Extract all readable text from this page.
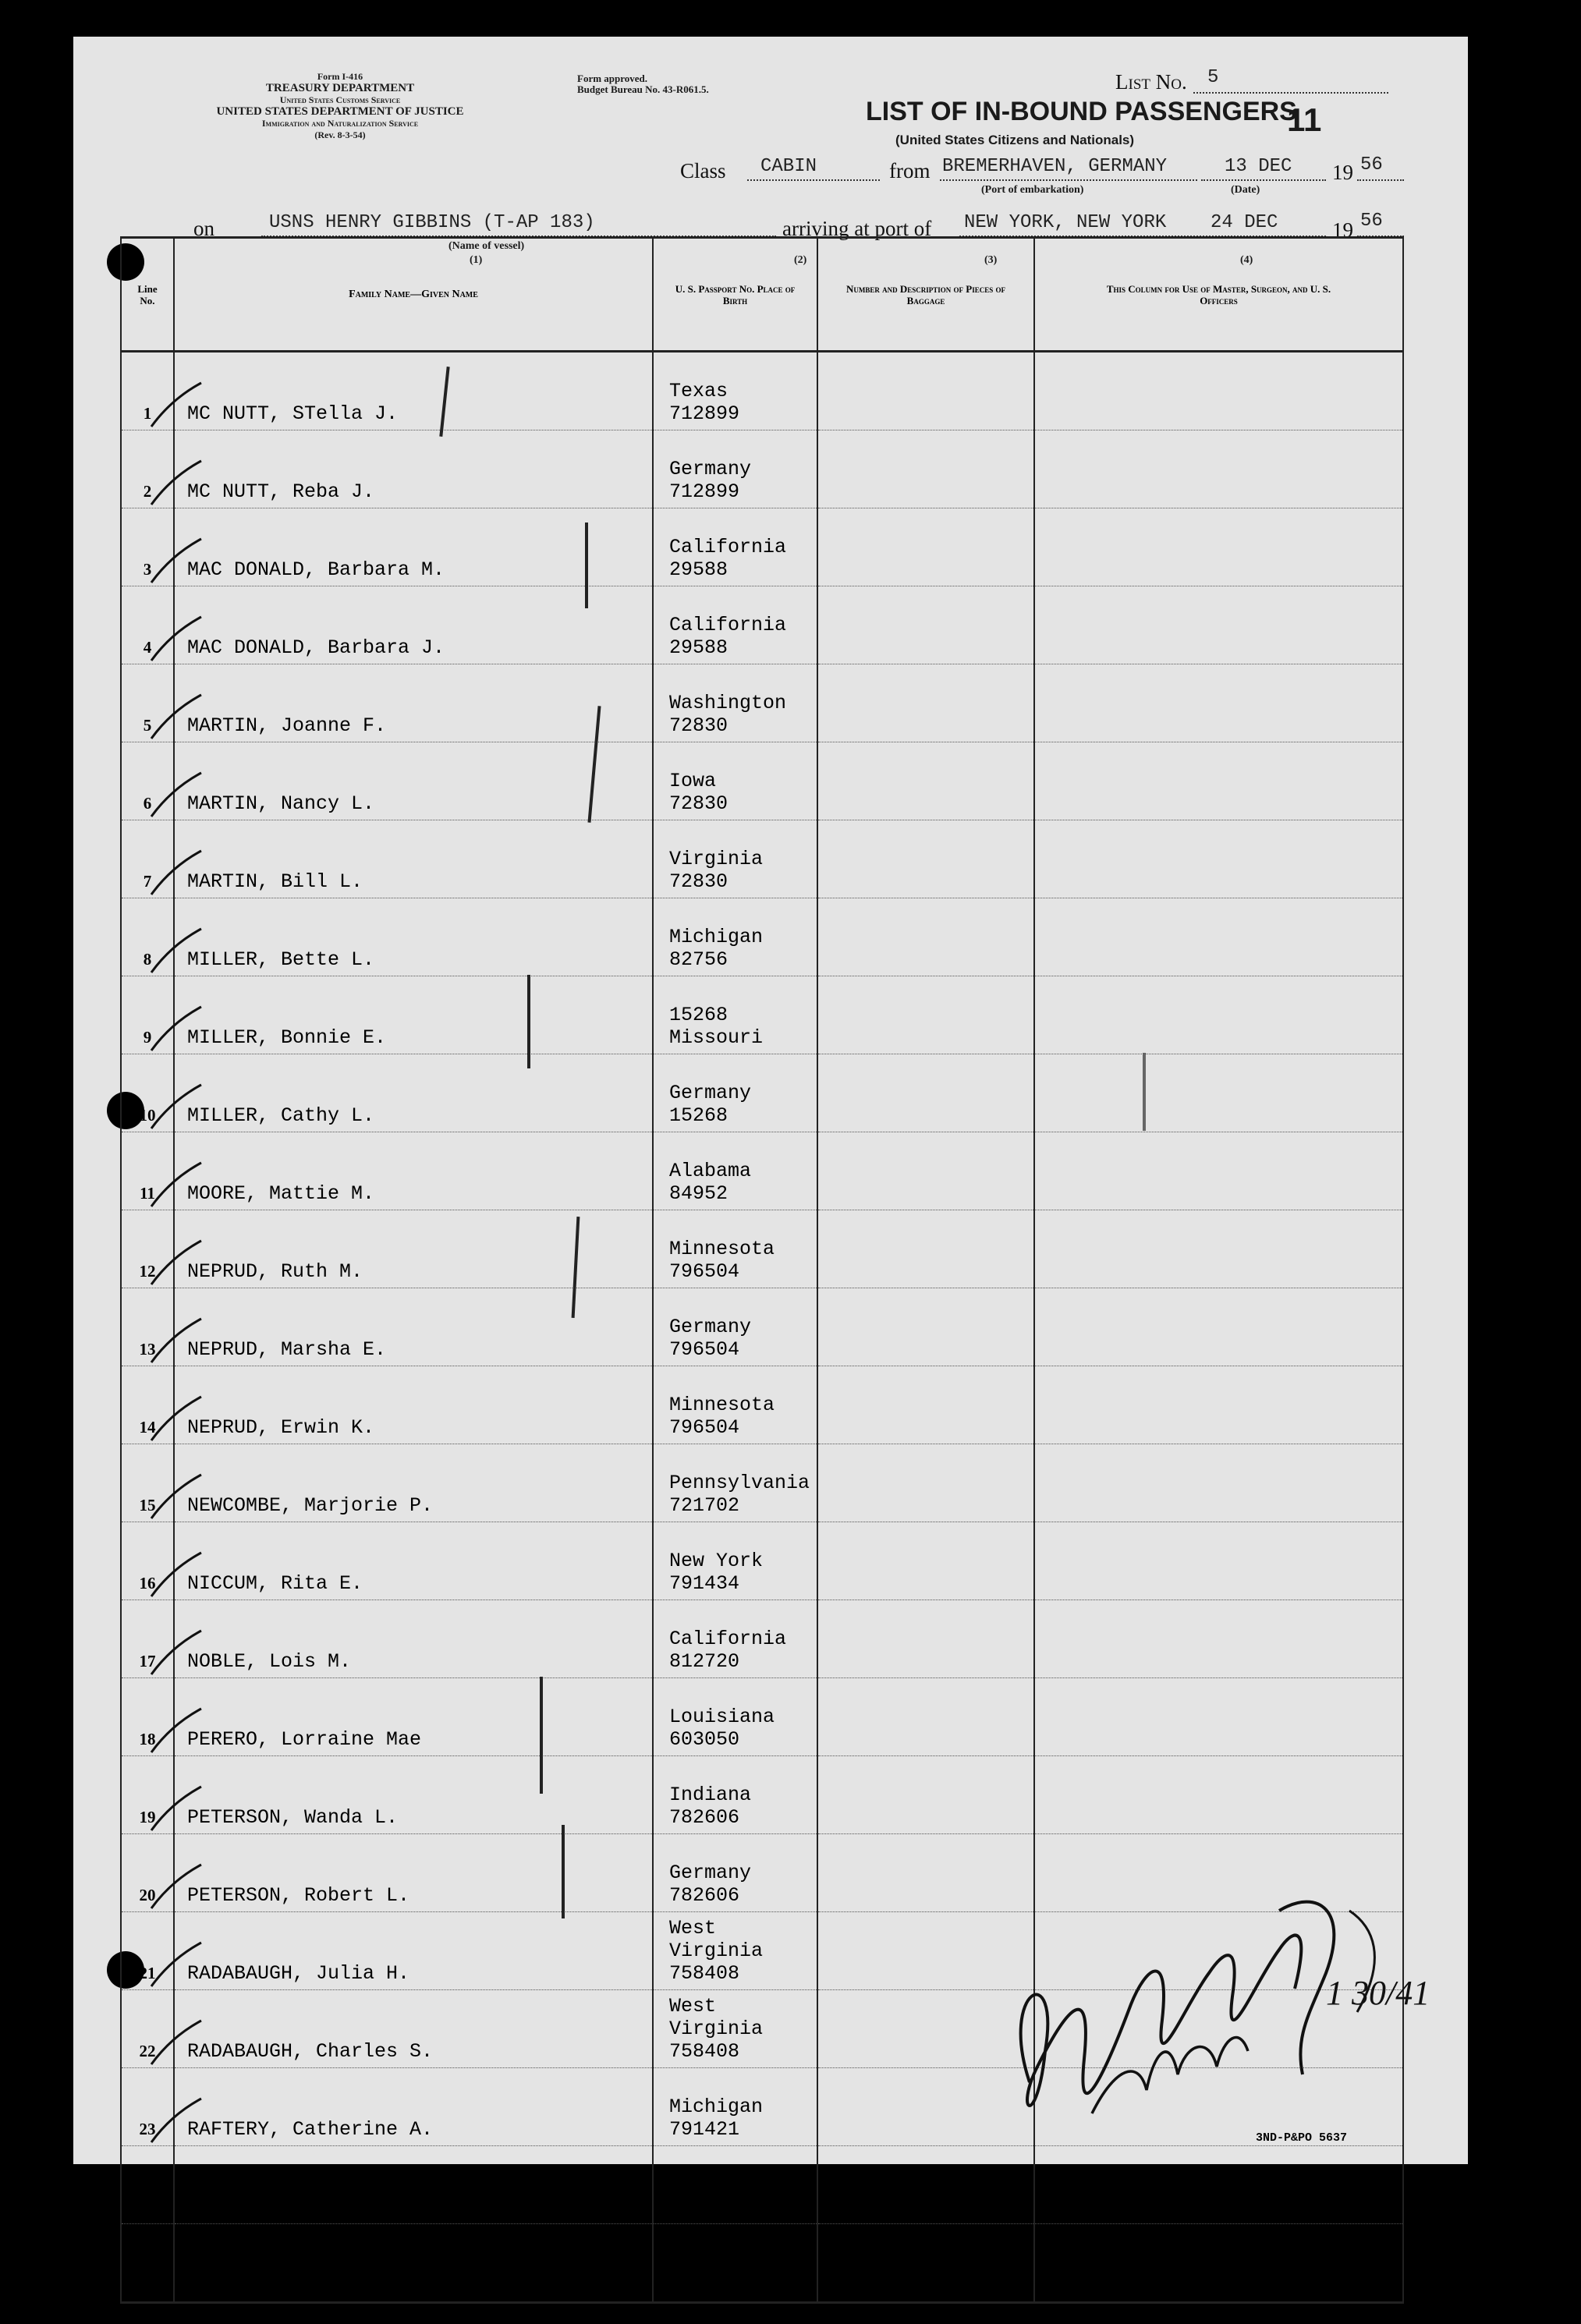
Form I-416
TREASURY DEPARTMENT
United States Customs Service
UNITED STATES DEPARTMENT OF JUSTICE
Immigration and Naturalization Service
(Rev. 8-3-54)
Form approved.
Budget Bureau No. 43-R061.5.	List No. 5
LIST OF IN-BOUND PASSENGERS
(United States Citizens and Nationals)
11
Class CABIN	from BREMERHAVEN, GERMANY
(Port of embarkation)
13 DEC
(Date)
19 56
on	USNS HENRY GIBBINS (T-AP 183)
(Name of vessel)
arriving at port of NEW YORK, NEW YORK 24 DEC	19 56
(1)	(2)	(3)	(4)
Line No.	Family Name—Given Name	U. S. Passport No. Place of Birth	Number and Description of Pieces of Baggage	This Column for Use of Master, Surgeon, and U. S. Officers
1	MC NUTT, STella J.	Texas
712899		

2	MC NUTT, Reba J.	Germany
712899		

3	MAC DONALD, Barbara M.	California
29588		

4	MAC DONALD, Barbara J.	California
29588		

5	MARTIN, Joanne F.	Washington
72830		

6	MARTIN, Nancy L.	Iowa
72830		

7	MARTIN, Bill L.	Virginia
72830		

8	MILLER, Bette L.	Michigan
82756		

9	MILLER, Bonnie E.	15268
Missouri		

10	MILLER, Cathy L.	Germany
15268		

11	MOORE, Mattie M.	Alabama
84952		

12	NEPRUD, Ruth M.	Minnesota
796504		

13	NEPRUD, Marsha E.	Germany
796504		

14	NEPRUD, Erwin K.	Minnesota
796504		

15	NEWCOMBE, Marjorie P.	Pennsylvania
721702		

16	NICCUM, Rita E.	New York
791434		

17	NOBLE, Lois M.	California
812720		

18	PERERO, Lorraine Mae	Louisiana
603050		

19	PETERSON, Wanda L.	Indiana
782606		

20	PETERSON, Robert L.	Germany
782606		

21	RADABAUGH, Julia H.	West Virginia
758408		

22	RADABAUGH, Charles S.	West Virginia
758408		

23	RAFTERY, Catherine A.	Michigan
791421		

24		

25		

1 30/41
3ND-P&PO 5637
